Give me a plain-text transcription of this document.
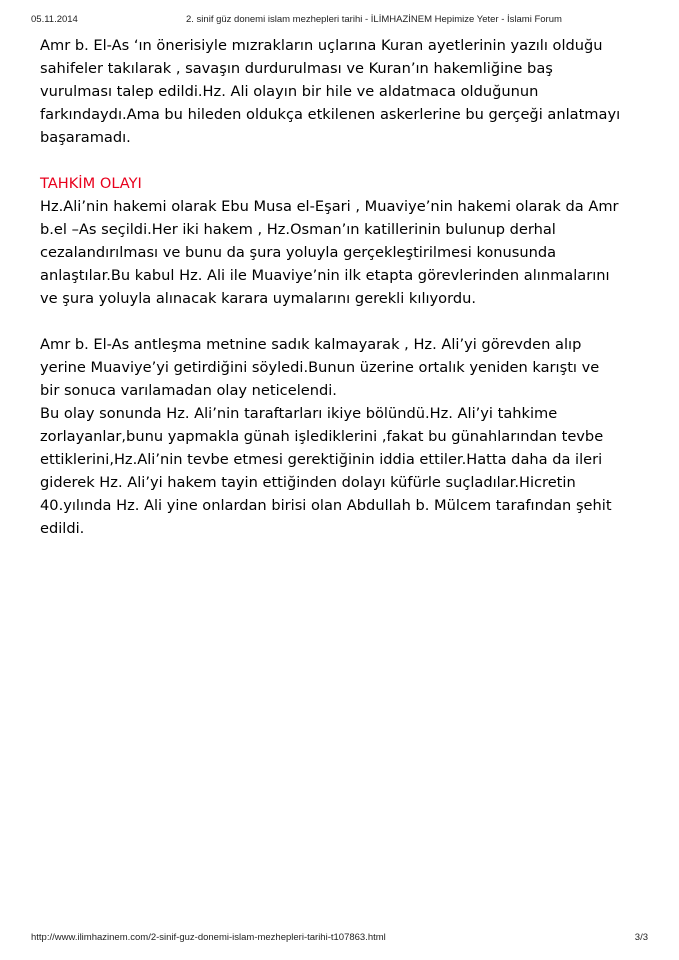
05.11.2014	2. sinif güz donemi islam mezhepleri tarihi - İLİMHAZİNEM Hepimize Yeter - İslami Forum

Amr b. El-As ‘ın önerisiyle mızrakların uçlarına Kuran ayetlerinin yazılı olduğu

sahifeler takılarak , savaşın durdurulması ve Kuran’ın hakemliğine baş

vurulması talep edildi.Hz. Ali olayın bir hile ve aldatmaca olduğunun

farkındaydı.Ama bu hileden oldukça etkilenen askerlerine bu gerçeği anlatmayı

başaramadı.

TAHKİM OLAYI

Hz.Ali’nin hakemi olarak Ebu Musa el-Eşari , Muaviye’nin hakemi olarak da Amr

b.el –As seçildi.Her iki hakem , Hz.Osman’ın katillerinin bulunup derhal

cezalandırılması ve bunu da şura yoluyla gerçekleştirilmesi konusunda

anlaştılar.Bu kabul Hz. Ali ile Muaviye’nin ilk etapta görevlerinden alınmalarını

ve şura yoluyla alınacak karara uymalarını gerekli kılıyordu.

Amr b. El-As antleşma metnine sadık kalmayarak , Hz. Ali’yi görevden alıp

yerine Muaviye’yi getirdiğini söyledi.Bunun üzerine ortalık yeniden karıştı ve

bir sonuca varılamadan olay neticelendi.

Bu olay sonunda Hz. Ali’nin taraftarları ikiye bölündü.Hz. Ali’yi tahkime

zorlayanlar,bunu yapmakla günah işlediklerini ,fakat bu günahlarından tevbe

ettiklerini,Hz.Ali’nin tevbe etmesi gerektiğinin iddia ettiler.Hatta daha da ileri

giderek Hz. Ali’yi hakem tayin ettiğinden dolayı küfürle suçladılar.Hicretin

40.yılında Hz. Ali yine onlardan birisi olan Abdullah b. Mülcem tarafından şehit

edildi.

http://www.ilimhazinem.com/2-sinif-guz-donemi-islam-mezhepleri-tarihi-t107863.html	3/3
